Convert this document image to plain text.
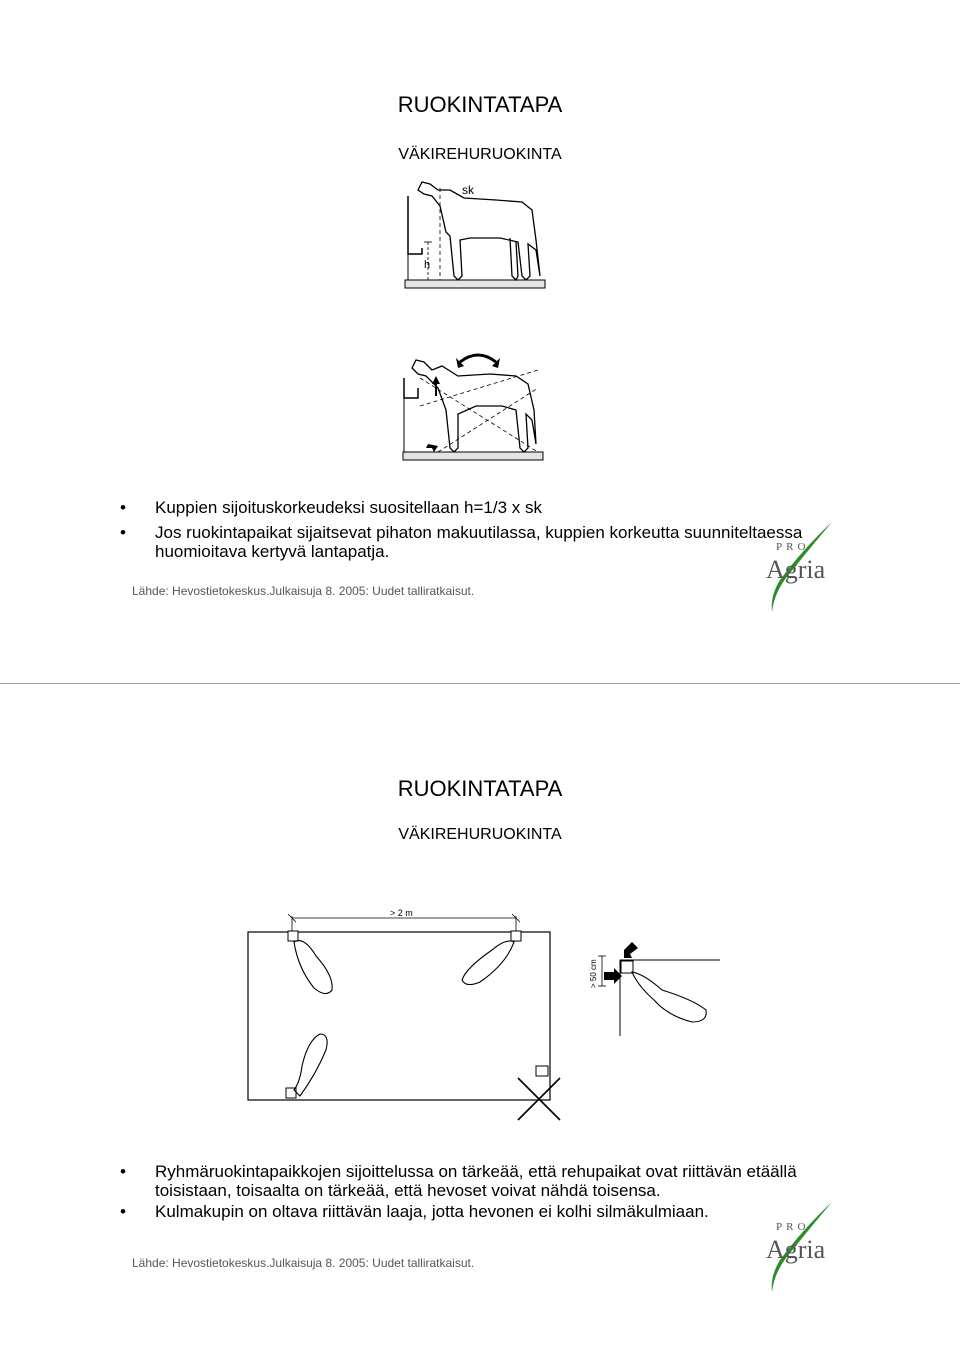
RUOKINTATAPA
VÄKIREHURUOKINTA
h
sk
• Kuppien sijoituskorkeudeksi suositellaan h=1/3 x sk
• Jos ruokintapaikat sijaitsevat pihaton makuutilassa, kuppien korkeutta suunniteltaessa huomioitava kertyvä lantapatja.
Lähde: Hevostietokeskus.Julkaisuja 8. 2005: Uudet talliratkaisut.
PRO
Agria
RUOKINTATAPA
VÄKIREHURUOKINTA
> 2 m
> 50 cm
• Ryhmäruokintapaikkojen sijoittelussa on tärkeää, että rehupaikat ovat riittävän etäällä toisistaan, toisaalta on tärkeää, että hevoset voivat nähdä toisensa.
• Kulmakupin on oltava riittävän laaja, jotta hevonen ei kolhi silmäkulmiaan.
Lähde: Hevostietokeskus.Julkaisuja 8. 2005: Uudet talliratkaisut.
PRO
Agria
